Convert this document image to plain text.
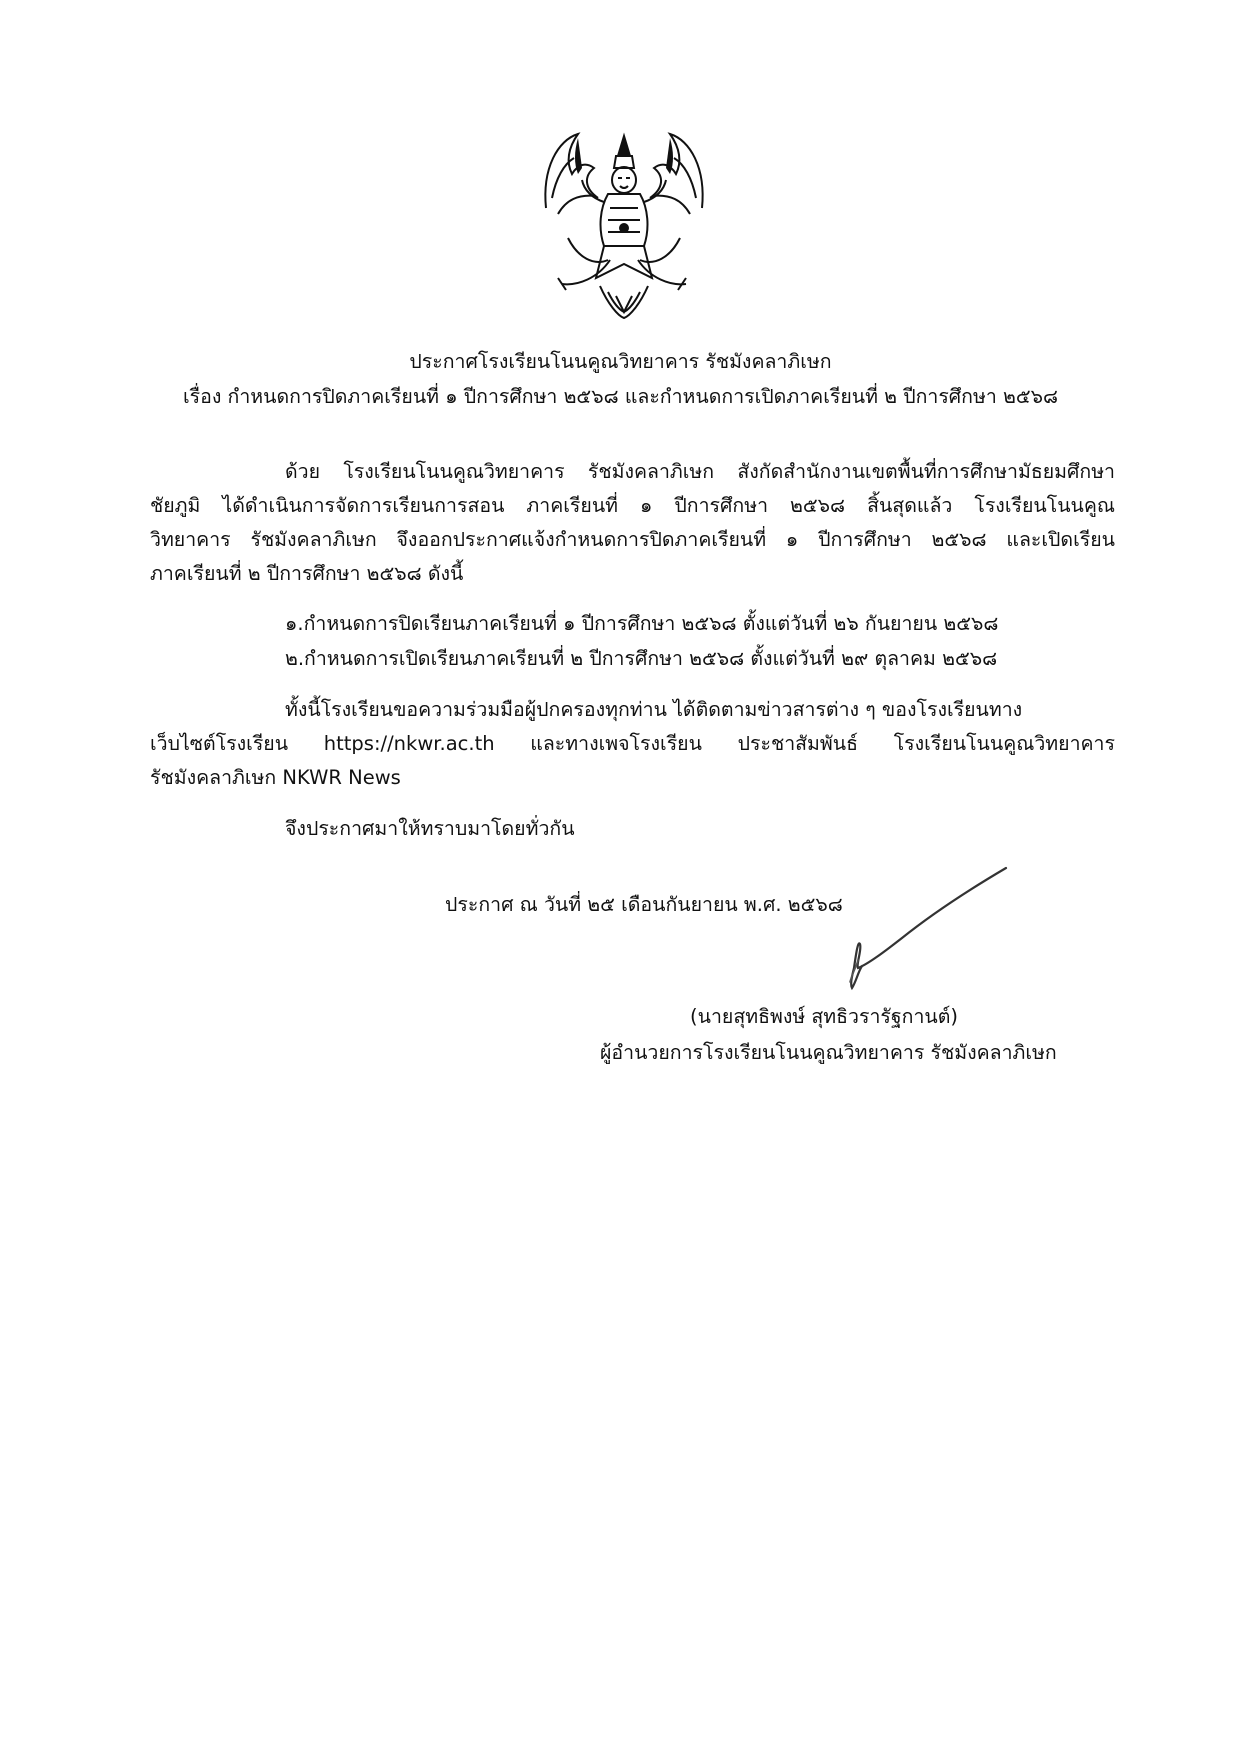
ประกาศโรงเรียนโนนคูณวิทยาคาร รัชมังคลาภิเษก
เรื่อง กำหนดการปิดภาคเรียนที่ ๑ ปีการศึกษา ๒๕๖๘ และกำหนดการเปิดภาคเรียนที่ ๒ ปีการศึกษา ๒๕๖๘
ด้วย โรงเรียนโนนคูณวิทยาคาร รัชมังคลาภิเษก สังกัดสำนักงานเขตพื้นที่การศึกษามัธยมศึกษา
ชัยภูมิ ได้ดำเนินการจัดการเรียนการสอน ภาคเรียนที่ ๑ ปีการศึกษา ๒๕๖๘ สิ้นสุดแล้ว โรงเรียนโนนคูณ
วิทยาคาร รัชมังคลาภิเษก จึงออกประกาศแจ้งกำหนดการปิดภาคเรียนที่ ๑ ปีการศึกษา ๒๕๖๘ และเปิดเรียน
ภาคเรียนที่ ๒ ปีการศึกษา ๒๕๖๘ ดังนี้
๑.กำหนดการปิดเรียนภาคเรียนที่ ๑ ปีการศึกษา ๒๕๖๘ ตั้งแต่วันที่ ๒๖ กันยายน ๒๕๖๘
๒.กำหนดการเปิดเรียนภาคเรียนที่ ๒ ปีการศึกษา ๒๕๖๘ ตั้งแต่วันที่ ๒๙ ตุลาคม ๒๕๖๘
ทั้งนี้โรงเรียนขอความร่วมมือผู้ปกครองทุกท่าน ได้ติดตามข่าวสารต่าง ๆ ของโรงเรียนทาง
เว็บไซต์โรงเรียน https://nkwr.ac.th และทางเพจโรงเรียน ประชาสัมพันธ์ โรงเรียนโนนคูณวิทยาคาร
รัชมังคลาภิเษก NKWR News
จึงประกาศมาให้ทราบมาโดยทั่วกัน
ประกาศ ณ วันที่ ๒๕ เดือนกันยายน พ.ศ. ๒๕๖๘
(นายสุทธิพงษ์ สุทธิวรารัฐกานต์)
ผู้อำนวยการโรงเรียนโนนคูณวิทยาคาร รัชมังคลาภิเษก
